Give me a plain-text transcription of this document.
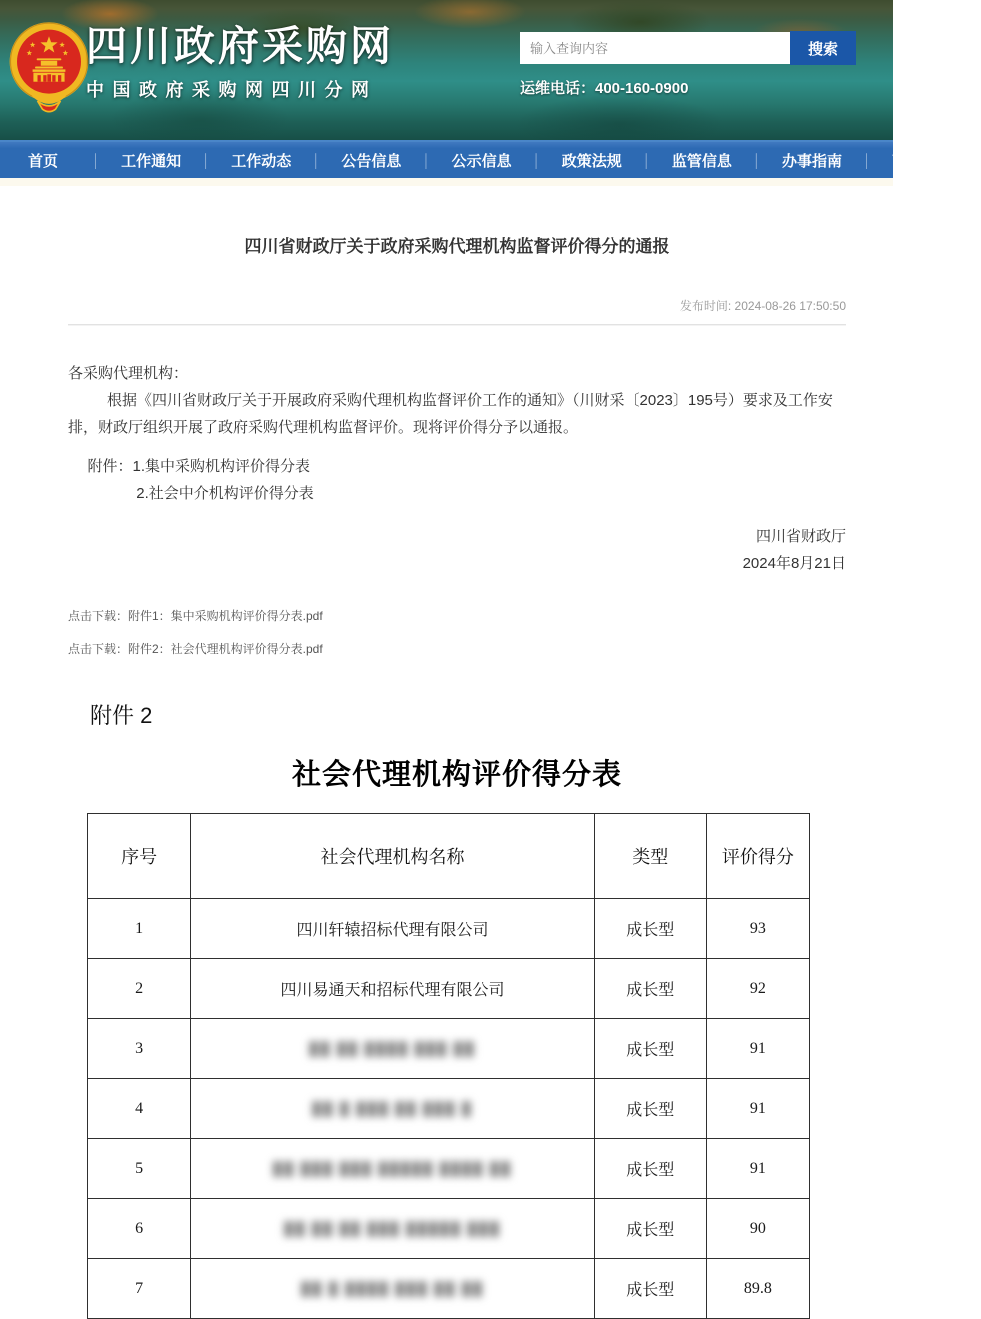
四川政府采购网
中国政府采购网四川分网
输入查询内容
搜索
运维电话：400-160-0900
首页	│	工作通知	│	工作动态	│	公告信息	│	公示信息	│	政策法规	│	监管信息	│	办事指南	│	下载专区	│
四川省财政厅关于政府采购代理机构监督评价得分的通报
发布时间: 2024-08-26 17:50:50

各采购代理机构：

根据《四川省财政厅关于开展政府采购代理机构监督评价工作的通知》（川财采〔2023〕195号）要求及工作安排，财政厅组织开展了政府采购代理机构监督评价。现将评价得分予以通报。

附件：1.集中采购机构评价得分表

2.社会中介机构评价得分表

四川省财政厅

2024年8月21日

点击下载：附件1：集中采购机构评价得分表.pdf
点击下载：附件2：社会代理机构评价得分表.pdf
附件 2
社会代理机构评价得分表
序号	社会代理机构名称	类型	评价得分
1	四川轩辕招标代理有限公司	成长型	93
2	四川易通天和招标代理有限公司	成长型	92
3	██ ██ ████ ███ ██	成长型	91
4	██ █ ███ ██ ███ █	成长型	91
5	██ ███ ███ █████ ████ ██	成长型	91
6	██ ██ ██ ███ █████ ███	成长型	90
7	██ █ ████ ███ ██ ██	成长型	89.8
